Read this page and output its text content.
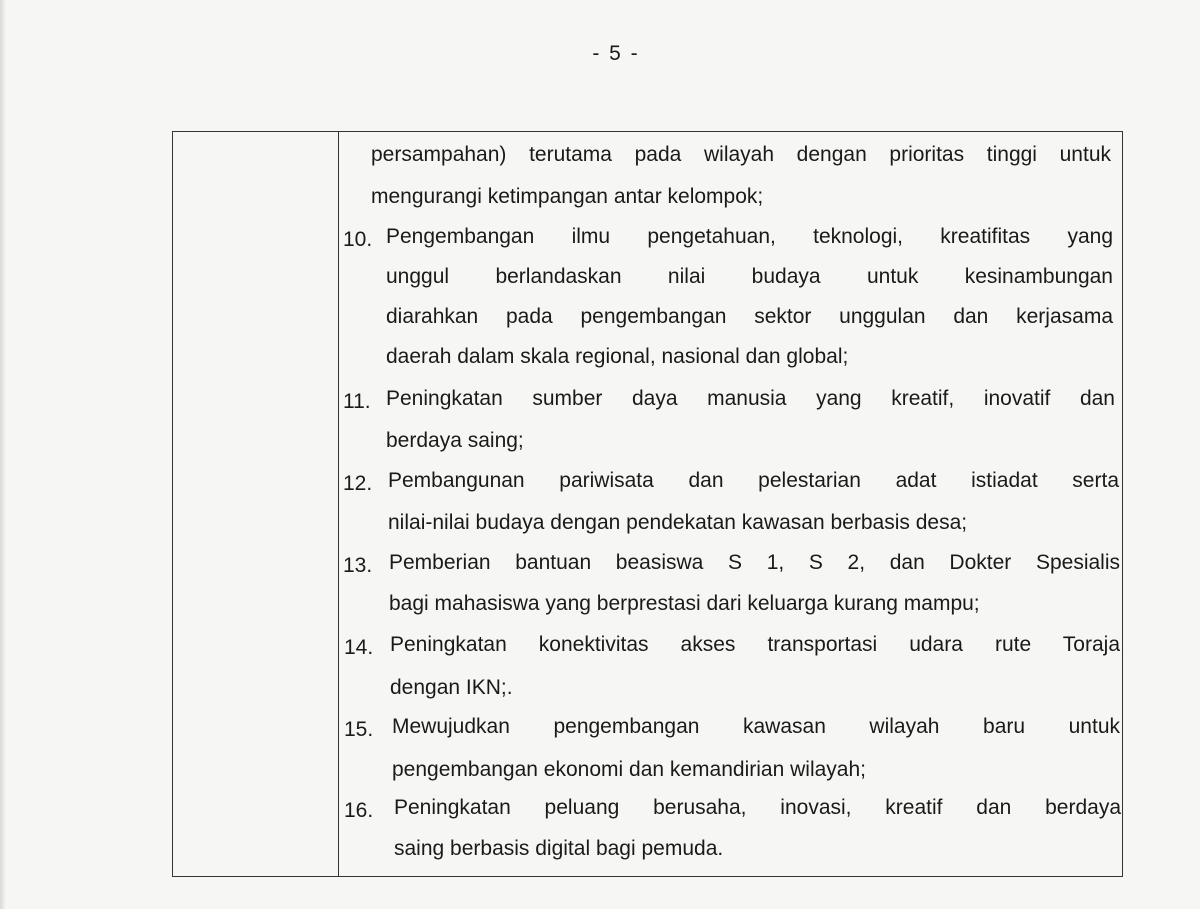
- 5 -
persampahan) terutama pada wilayah dengan prioritas tinggi untuk
mengurangi ketimpangan antar kelompok;
10. Pengembangan ilmu pengetahuan, teknologi, kreatifitas yang
unggul berlandaskan nilai budaya untuk kesinambungan
diarahkan pada pengembangan sektor unggulan dan kerjasama
daerah dalam skala regional, nasional dan global;
11. Peningkatan sumber daya manusia yang kreatif, inovatif dan
berdaya saing;
12. Pembangunan pariwisata dan pelestarian adat istiadat serta
nilai-nilai budaya dengan pendekatan kawasan berbasis desa;
13. Pemberian bantuan beasiswa S 1, S 2, dan Dokter Spesialis
bagi mahasiswa yang berprestasi dari keluarga kurang mampu;
14. Peningkatan konektivitas akses transportasi udara rute Toraja
dengan IKN;.
15. Mewujudkan pengembangan kawasan wilayah baru untuk
pengembangan ekonomi dan kemandirian wilayah;
16. Peningkatan peluang berusaha, inovasi, kreatif dan berdaya
saing berbasis digital bagi pemuda.
